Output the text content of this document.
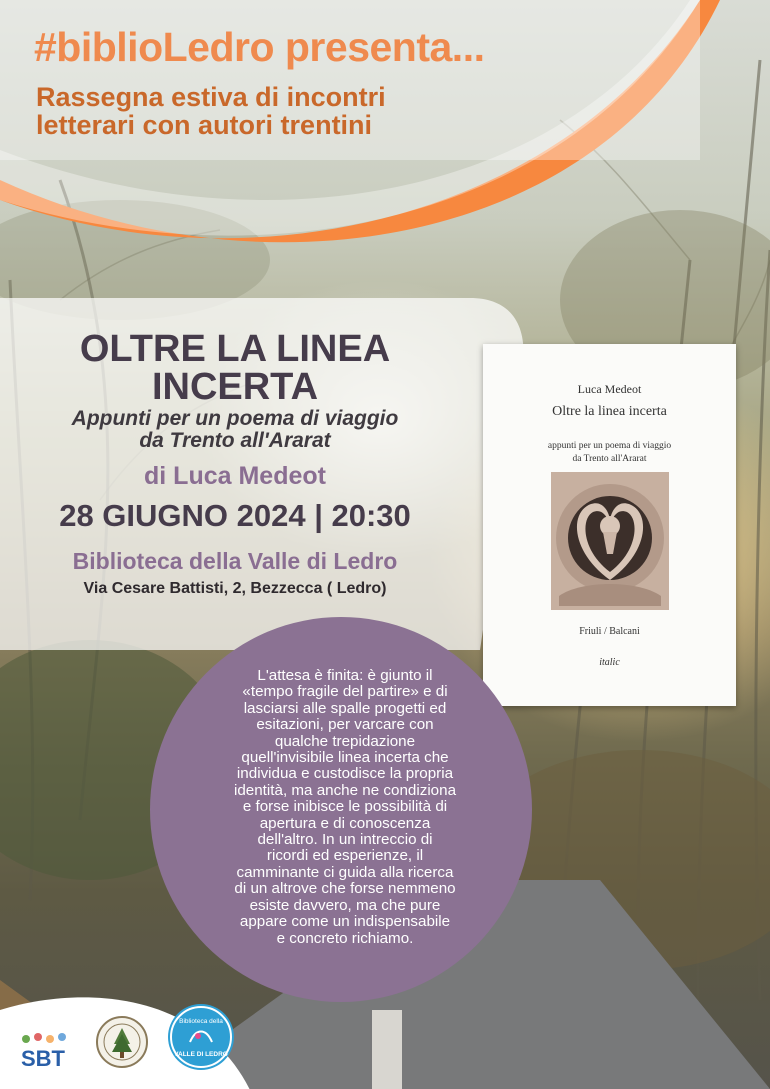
#biblioLedro presenta...
Rassegna estiva di incontri
letterari con autori trentini
OLTRE LA LINEA
INCERTA
Appunti per un poema di viaggio
da Trento all'Ararat
di Luca Medeot
28 GIUGNO 2024 | 20:30
Biblioteca della Valle di Ledro
Via Cesare Battisti, 2, Bezzecca ( Ledro)
Luca Medeot
Oltre la linea incerta
appunti per un poema di viaggio
da Trento all'Ararat
Friuli / Balcani
italic
L'attesa è finita: è giunto il
«tempo fragile del partire» e di
lasciarsi alle spalle progetti ed
esitazioni, per varcare con
qualche trepidazione
quell'invisibile linea incerta che
individua e custodisce la propria
identità, ma anche ne condiziona
e forse inibisce le possibilità di
apertura e di conoscenza
dell'altro. In un intreccio di
ricordi ed esperienze, il
camminante ci guida alla ricerca
di un altrove che forse nemmeno
esiste davvero, ma che pure
appare come un indispensabile
e concreto richiamo.
SBT
Biblioteca della
VALLE DI LEDRO
